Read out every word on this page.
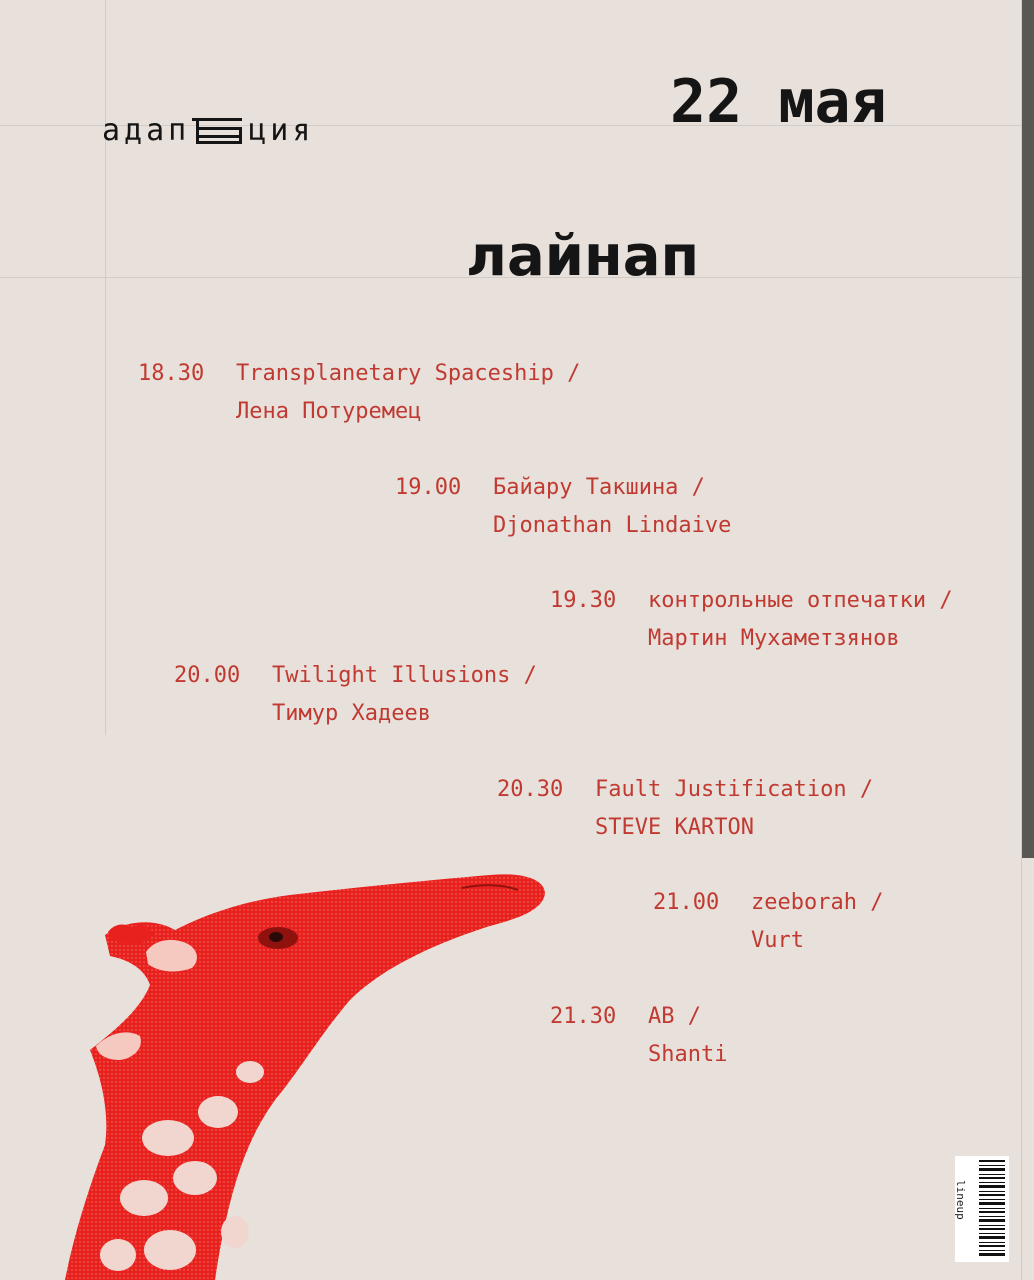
адап ция	22 мая
лайнап
18.30	Transplanetary Spaceship /
Лена Потуремец
19.00	Байару Такшина /
Djonathan Lindaive
19.30	контрольные отпечатки /
Мартин Мухаметзянов
20.00	Twilight Illusions /
Тимур Хадеев
20.30	Fault Justification /
STEVE KARTON
21.00	zeeborah /
Vurt
21.30	AB /
Shanti
lineup
